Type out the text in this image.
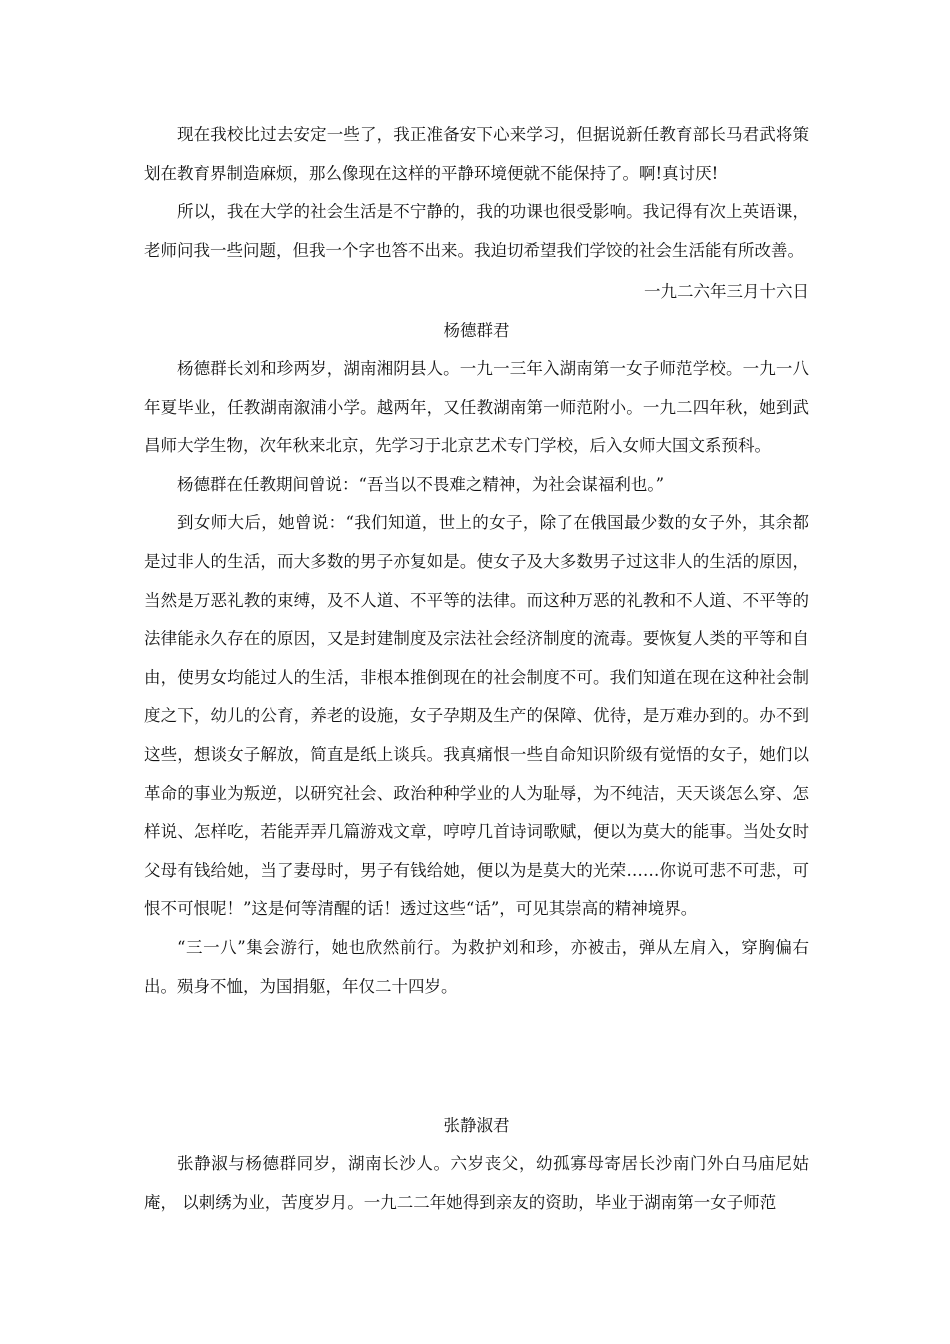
现在我校比过去安定一些了，我正准备安下心来学习，但据说新任教育部长马君武将策划在教育界制造麻烦，那么像现在这样的平静环境便就不能保持了。啊!真讨厌!

所以，我在大学的社会生活是不宁静的，我的功课也很受影响。我记得有次上英语课，老师问我一些问题，但我一个字也答不出来。我迫切希望我们学饺的社会生活能有所改善。

一九二六年三月十六日
杨德群君

杨德群长刘和珍两岁，湖南湘阴县人。一九一三年入湖南第一女子师范学校。一九一八 年夏毕业，任教湖南溆浦小学。越两年，又任教湖南第一师范附小。一九二四年秋，她到武昌师大学生物，次年秋来北京，先学习于北京艺术专门学校，后入女师大国文系预科。

杨德群在任教期间曾说：“吾当以不畏难之精神，为社会谋福利也。”

到女师大后，她曾说：“我们知道，世上的女子，除了在俄国最少数的女子外，其余都是过非人的生活，而大多数的男子亦复如是。使女子及大多数男子过这非人的生活的原因，当然是万恶礼教的束缚，及不人道、不平等的法律。而这种万恶的礼教和不人道、不平等的法律能永久存在的原因，又是封建制度及宗法社会经济制度的流毒。要恢复人类的平等和自由，使男女均能过人的生活，非根本推倒现在的社会制度不可。我们知道在现在这种社会制度之下，幼儿的公育，养老的设施，女子孕期及生产的保障、优待，是万难办到的。办不到这些，想谈女子解放，简直是纸上谈兵。我真痛恨一些自命知识阶级有觉悟的女子，她们以革命的事业为叛逆，以研究社会、政治种种学业的人为耻辱，为不纯洁，天天谈怎么穿、怎样说、怎样吃，若能弄弄几篇游戏文章，哼哼几首诗词歌赋，便以为莫大的能事。当处女时父母有钱给她，当了妻母时，男子有钱给她，便以为是莫大的光荣……你说可悲不可悲，可恨不可恨呢！”这是何等清醒的话！透过这些“话”，可见其崇高的精神境界。

“三一八”集会游行，她也欣然前行。为救护刘和珍，亦被击，弹从左肩入，穿胸偏右出。殒身不恤，为国捐躯，年仅二十四岁。

张静淑君

张静淑与杨德群同岁，湖南长沙人。六岁丧父，幼孤寡母寄居长沙南门外白马庙尼姑庵， 以刺绣为业，苦度岁月。一九二二年她得到亲友的资助，毕业于湖南第一女子师范
